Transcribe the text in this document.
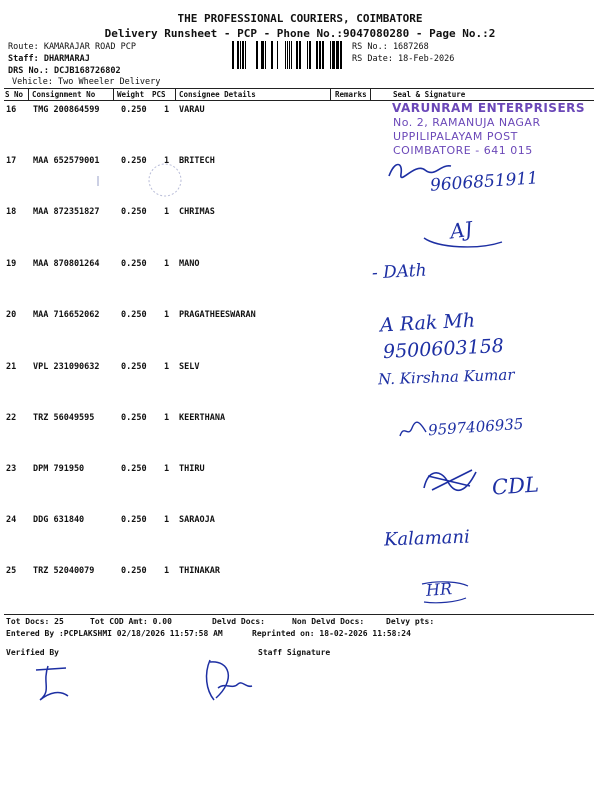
THE PROFESSIONAL COURIERS, COIMBATORE
Delivery Runsheet - PCP - Phone No.:9047080280 - Page No.:2
Route: KAMARAJAR ROAD PCP
Staff: DHARMARAJ
DRS No.: DCJB168726802
Vehicle: Two Wheeler Delivery
RS No.: 1687268
RS Date: 18-Feb-2026
S No Consignment No	Weight PCS Consignee Details	Remarks	Seal & Signature
16 TMG 200864599	0.250 1 VARAU
17 MAA 652579001	0.250 1 BRITECH
18 MAA 872351827	0.250 1 CHRIMAS
19 MAA 870801264	0.250 1 MANO
20 MAA 716652062	0.250 1 PRAGATHEESWARAN
21 VPL 231090632	0.250 1 SELV
22 TRZ 56049595	0.250 1 KEERTHANA
23 DPM 791950	0.250 1 THIRU
24 DDG 631840	0.250 1 SARAOJA
25 TRZ 52040079	0.250 1 THINAKAR
VARUNRAM ENTERPRISERS
No. 2, RAMANUJA NAGAR
UPPILIPALAYAM POST
COIMBATORE - 641 015
9606851911
AJ
- DAth
A Rak Mh
9500603158
N. Kirshna Kumar
9597406935
CDL
Kalamani
HR
Tot Docs: 25	Tot COD Amt: 0.00	Delvd Docs:	Non Delvd Docs:	Delvy pts:
Entered By :PCPLAKSHMI 02/18/2026 11:57:58 AM	Reprinted on: 18-02-2026 11:58:24
Verified By	Staff Signature
